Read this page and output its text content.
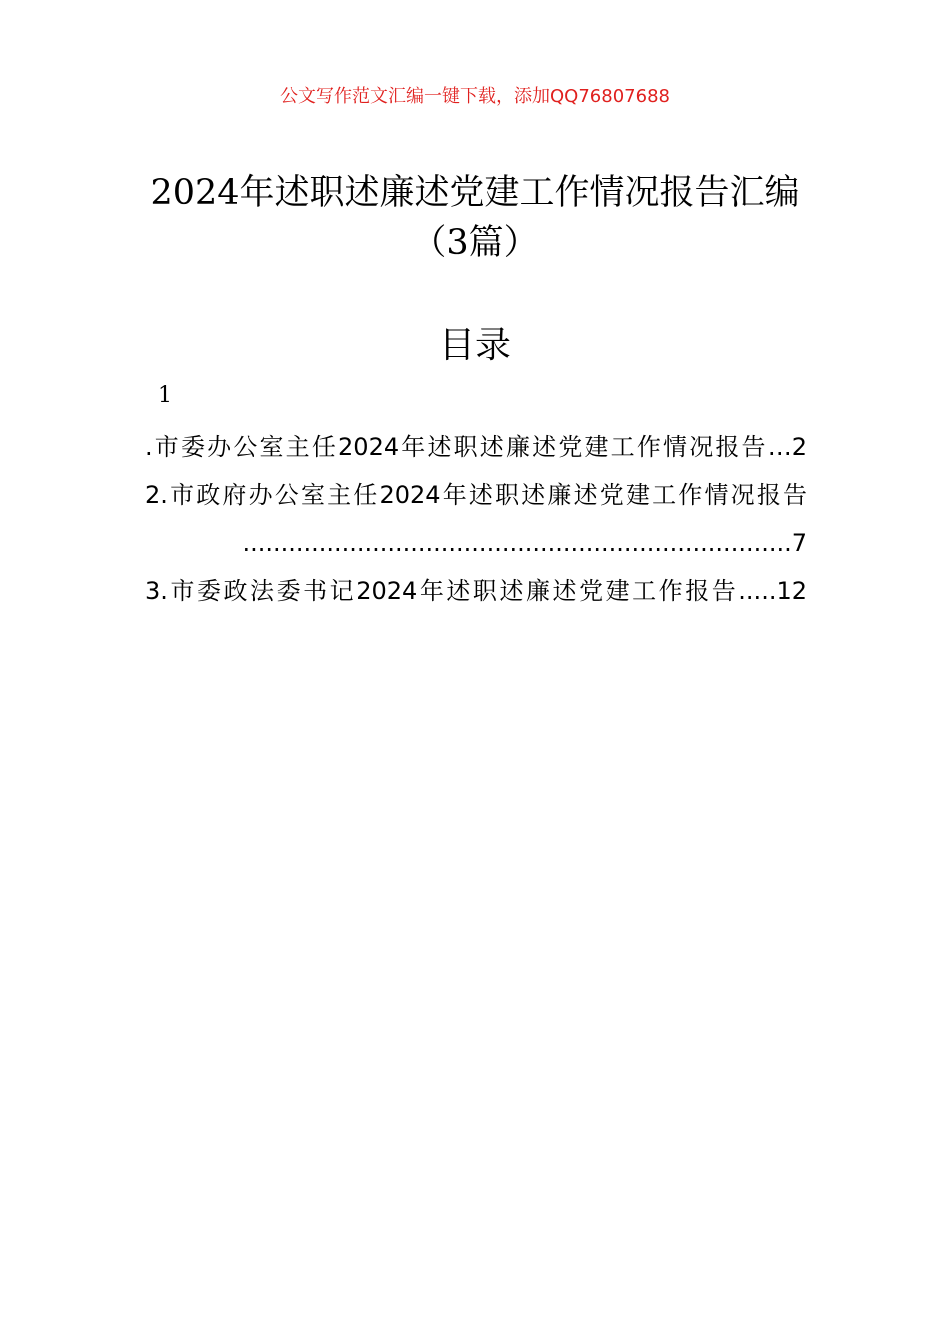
公文写作范文汇编一键下载，添加QQ76807688
2024年述职述廉述党建工作情况报告汇编
（3篇）
目录
1
.市委办公室主任2024年述职述廉述党建工作情况报告…2
2.市政府办公室主任2024年述职述廉述党建工作情况报告
........................................................................7
3.市委政法委书记2024年述职述廉述党建工作报告.....12
